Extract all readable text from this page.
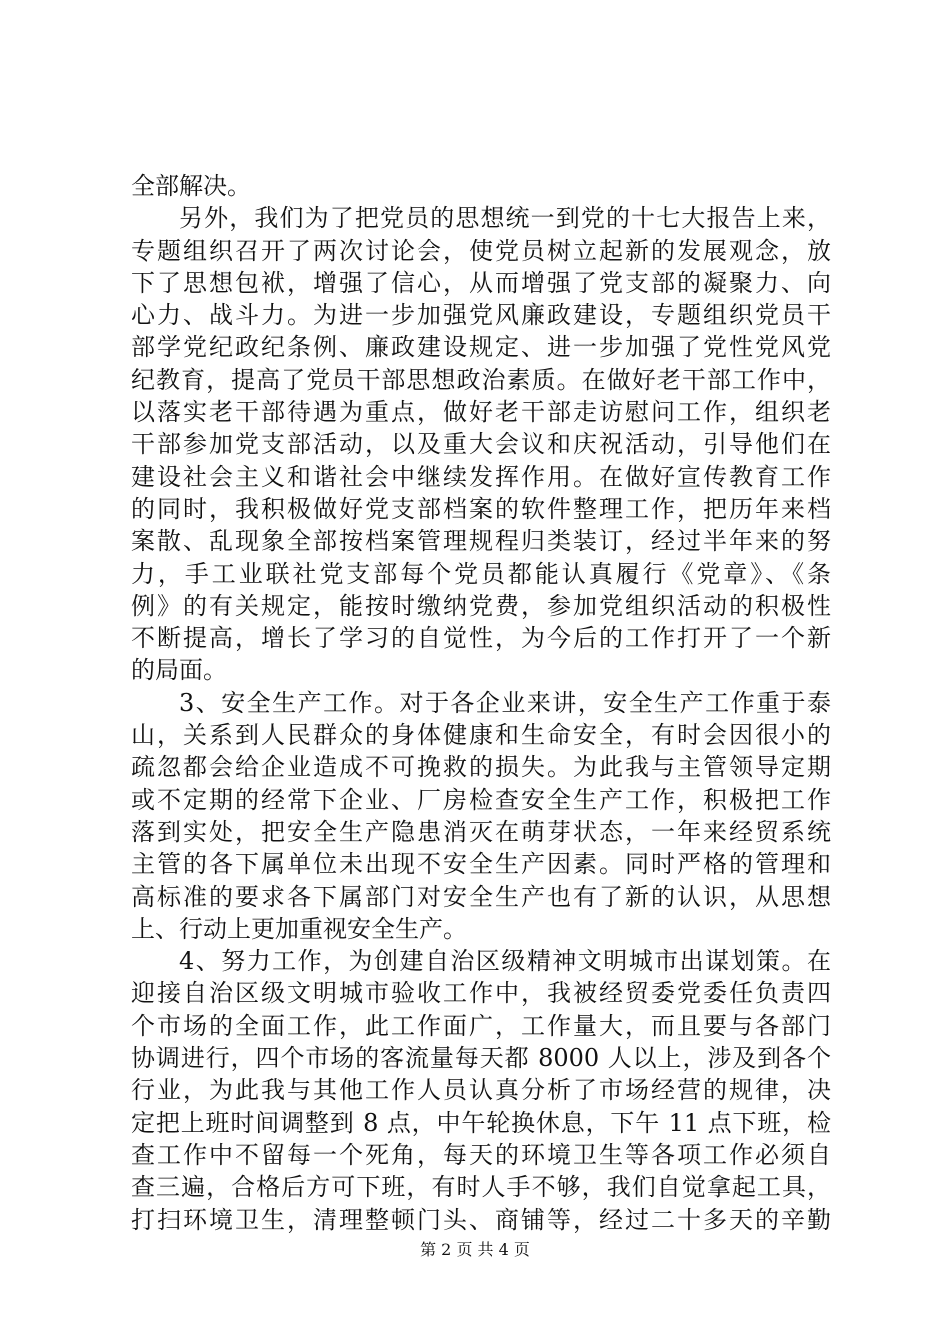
全部解决。
另外，我们为了把党员的思想统一到党的十七大报告上来，
专题组织召开了两次讨论会，使党员树立起新的发展观念，放
下了思想包袱，增强了信心，从而增强了党支部的凝聚力、向
心力、战斗力。为进一步加强党风廉政建设，专题组织党员干
部学党纪政纪条例、廉政建设规定、进一步加强了党性党风党
纪教育，提高了党员干部思想政治素质。在做好老干部工作中，
以落实老干部待遇为重点，做好老干部走访慰问工作，组织老
干部参加党支部活动，以及重大会议和庆祝活动，引导他们在
建设社会主义和谐社会中继续发挥作用。在做好宣传教育工作
的同时，我积极做好党支部档案的软件整理工作，把历年来档
案散、乱现象全部按档案管理规程归类装订，经过半年来的努
力，手工业联社党支部每个党员都能认真履行《党章》、《条
例》的有关规定，能按时缴纳党费，参加党组织活动的积极性
不断提高，增长了学习的自觉性，为今后的工作打开了一个新
的局面。
3、安全生产工作。对于各企业来讲，安全生产工作重于泰
山，关系到人民群众的身体健康和生命安全，有时会因很小的
疏忽都会给企业造成不可挽救的损失。为此我与主管领导定期
或不定期的经常下企业、厂房检查安全生产工作，积极把工作
落到实处，把安全生产隐患消灭在萌芽状态，一年来经贸系统
主管的各下属单位未出现不安全生产因素。同时严格的管理和
高标准的要求各下属部门对安全生产也有了新的认识，从思想
上、行动上更加重视安全生产。
4、努力工作，为创建自治区级精神文明城市出谋划策。在
迎接自治区级文明城市验收工作中，我被经贸委党委任负责四
个市场的全面工作，此工作面广，工作量大，而且要与各部门
协调进行，四个市场的客流量每天都 8000 人以上，涉及到各个
行业，为此我与其他工作人员认真分析了市场经营的规律，决
定把上班时间调整到 8 点，中午轮换休息，下午 11 点下班，检
查工作中不留每一个死角，每天的环境卫生等各项工作必须自
查三遍，合格后方可下班，有时人手不够，我们自觉拿起工具，
打扫环境卫生，清理整顿门头、商铺等，经过二十多天的辛勤
第 2 页 共 4 页
